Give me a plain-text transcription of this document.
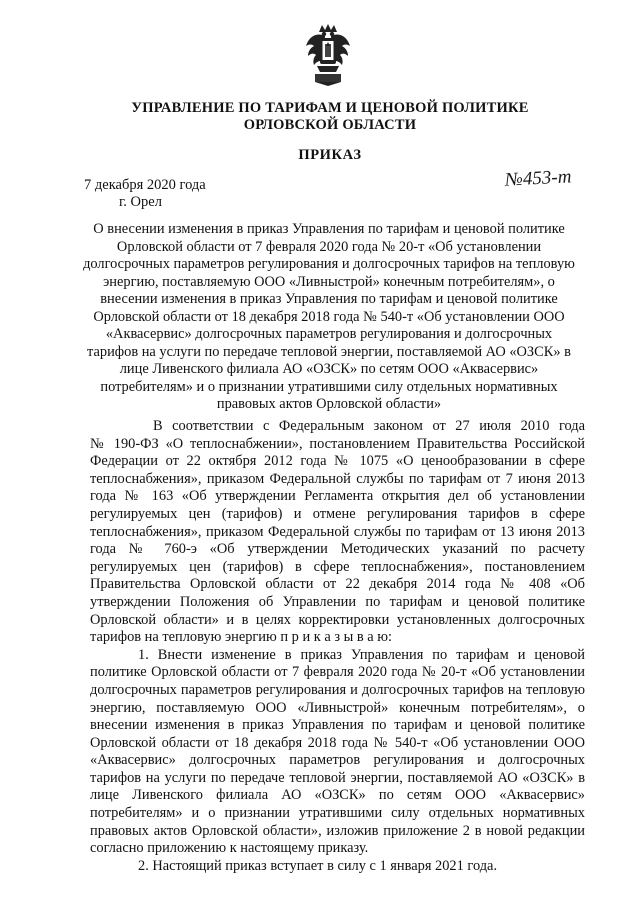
УПРАВЛЕНИЕ ПО ТАРИФАМ И ЦЕНОВОЙ ПОЛИТИКЕ
ОРЛОВСКОЙ ОБЛАСТИ
ПРИКАЗ
7 декабря 2020 года
г. Орел
№453-т
О внесении изменения в приказ Управления по тарифам и ценовой политике
Орловской области от 7 февраля 2020 года № 20-т «Об установлении
долгосрочных параметров регулирования и долгосрочных тарифов на тепловую
энергию, поставляемую ООО «Ливныстрой» конечным потребителям», о
внесении изменения в приказ Управления по тарифам и ценовой политике
Орловской области от 18 декабря 2018 года № 540-т «Об установлении ООО
«Аквасервис» долгосрочных параметров регулирования и долгосрочных
тарифов на услуги по передаче тепловой энергии, поставляемой АО «ОЗСК» в
лице Ливенского филиала АО «ОЗСК» по сетям ООО «Аквасервис»
потребителям» и о признании утратившими силу отдельных нормативных
правовых актов Орловской области»
В соответствии с Федеральным законом от 27 июля 2010 года
№ 190-ФЗ «О теплоснабжении», постановлением Правительства Российской
Федерации от 22 октября 2012 года № 1075 «О ценообразовании в сфере
теплоснабжения», приказом Федеральной службы по тарифам от 7 июня 2013
года № 163 «Об утверждении Регламента открытия дел об установлении
регулируемых цен (тарифов) и отмене регулирования тарифов в сфере
теплоснабжения», приказом Федеральной службы по тарифам от 13 июня 2013
года № 760-э «Об утверждении Методических указаний по расчету
регулируемых цен (тарифов) в сфере теплоснабжения», постановлением
Правительства Орловской области от 22 декабря 2014 года № 408 «Об
утверждении Положения об Управлении по тарифам и ценовой политике
Орловской области» и в целях корректировки установленных долгосрочных
тарифов на тепловую энергию п р и к а з ы в а ю:
1. Внести изменение в приказ Управления по тарифам и ценовой
политике Орловской области от 7 февраля 2020 года № 20-т «Об установлении
долгосрочных параметров регулирования и долгосрочных тарифов на тепловую
энергию, поставляемую ООО «Ливныстрой» конечным потребителям», о
внесении изменения в приказ Управления по тарифам и ценовой политике
Орловской области от 18 декабря 2018 года № 540-т «Об установлении ООО
«Аквасервис» долгосрочных параметров регулирования и долгосрочных
тарифов на услуги по передаче тепловой энергии, поставляемой АО «ОЗСК» в
лице Ливенского филиала АО «ОЗСК» по сетям ООО «Аквасервис»
потребителям» и о признании утратившими силу отдельных нормативных
правовых актов Орловской области», изложив приложение 2 в новой редакции
согласно приложению к настоящему приказу.
2. Настоящий приказ вступает в силу с 1 января 2021 года.
